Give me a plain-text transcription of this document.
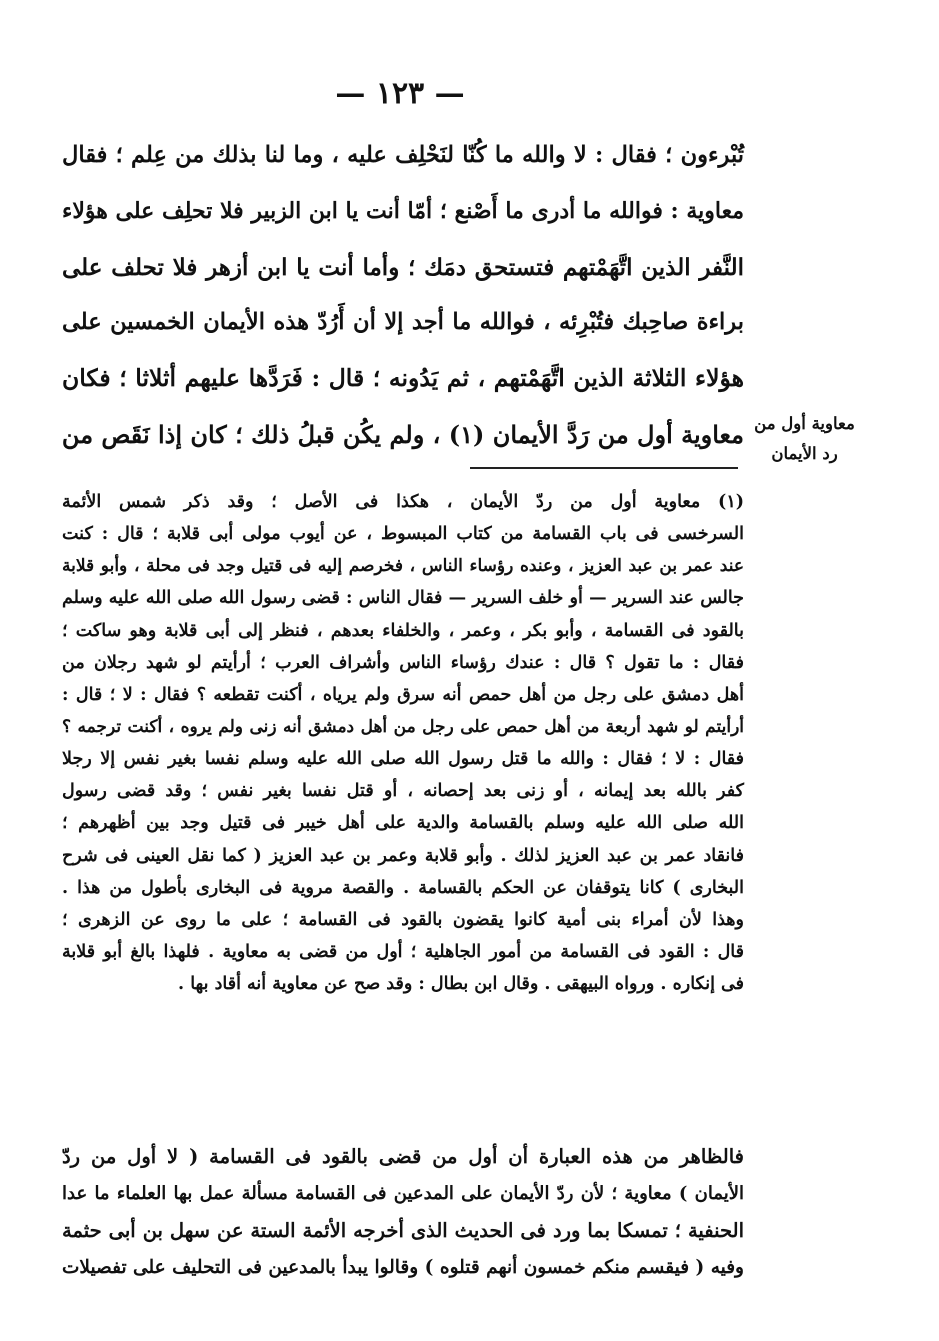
— ١٢٣ —
تُبْرءون ؛ فقال : لا والله ما كُنّا لنَحْلِف عليه ، وما لنا بذلك من عِلم ؛ فقال
معاوية : فوالله ما أدرى ما أَصْنع ؛ أمّا أنت يا ابن الزبير فلا تحلِف على هؤلاء
النَّفر الذين اتَّهَمْتهم فتستحق دمَك ؛ وأما أنت يا ابن أزهر فلا تحلف على
براءة صاحِبك فتُبْرِئه ، فوالله ما أجد إلا أن أَرُدّ هذه الأيمان الخمسين على
هؤلاء الثلاثة الذين اتَّهَمْتهم ، ثم يَدُونه ؛ قال : فَرَدَّها عليهم أثلاثا ؛ فكان
معاوية أول من رَدَّ الأيمان (١) ، ولم يكُن قبلُ ذلك ؛ كان إذا نَقَص من معاوية أول من
رد الأيمان
(١) معاوية أول من ردّ الأيمان ، هكذا فى الأصل ؛ وقد ذكر شمس الأئمة
السرخسى فى باب القسامة من كتاب المبسوط ، عن أيوب مولى أبى قلابة ؛ قال : كنت
عند عمر بن عبد العزيز ، وعنده رؤساء الناس ، فخرصم إليه فى قتيل وجد فى محلة ، وأبو قلابة
جالس عند السرير — أو خلف السرير — فقال الناس : قضى رسول الله صلى الله عليه وسلم
بالقود فى القسامة ، وأبو بكر ، وعمر ، والخلفاء بعدهم ، فنظر إلى أبى قلابة وهو ساكت ؛
فقال : ما تقول ؟ قال : عندك رؤساء الناس وأشراف العرب ؛ أرأيتم لو شهد رجلان من
أهل دمشق على رجل من أهل حمص أنه سرق ولم يرياه ، أكنت تقطعه ؟ فقال : لا ؛ قال :
أرأيتم لو شهد أربعة من أهل حمص على رجل من أهل دمشق أنه زنى ولم يروه ، أكنت ترجمه ؟
فقال : لا ؛ فقال : والله ما قتل رسول الله صلى الله عليه وسلم نفسا بغير نفس إلا رجلا
كفر بالله بعد إيمانه ، أو زنى بعد إحصانه ، أو قتل نفسا بغير نفس ؛ وقد قضى رسول
الله صلى الله عليه وسلم بالقسامة والدية على أهل خيبر فى قتيل وجد بين أظهرهم ؛
فانقاد عمر بن عبد العزيز لذلك . وأبو قلابة وعمر بن عبد العزيز ( كما نقل العينى فى شرح
البخارى ) كانا يتوقفان عن الحكم بالقسامة . والقصة مروية فى البخارى بأطول من هذا .
وهذا لأن أمراء بنى أمية كانوا يقضون بالقود فى القسامة ؛ على ما روى عن الزهرى ؛
قال : القود فى القسامة من أمور الجاهلية ؛ أول من قضى به معاوية . فلهذا بالغ أبو قلابة
فى إنكاره . ورواه البيهقى . وقال ابن بطال : وقد صح عن معاوية أنه أقاد بها .
فالظاهر من هذه العبارة أن أول من قضى بالقود فى القسامة ( لا أول من ردّ
الأيمان ) معاوية ؛ لأن ردّ الأيمان على المدعين فى القسامة مسألة عمل بها العلماء ما عدا
الحنفية ؛ تمسكا بما ورد فى الحديث الذى أخرجه الأئمة الستة عن سهل بن أبى حثمة
وفيه ( فيقسم منكم خمسون أنهم قتلوه ) وقالوا يبدأ بالمدعين فى التحليف على تفصيلات
